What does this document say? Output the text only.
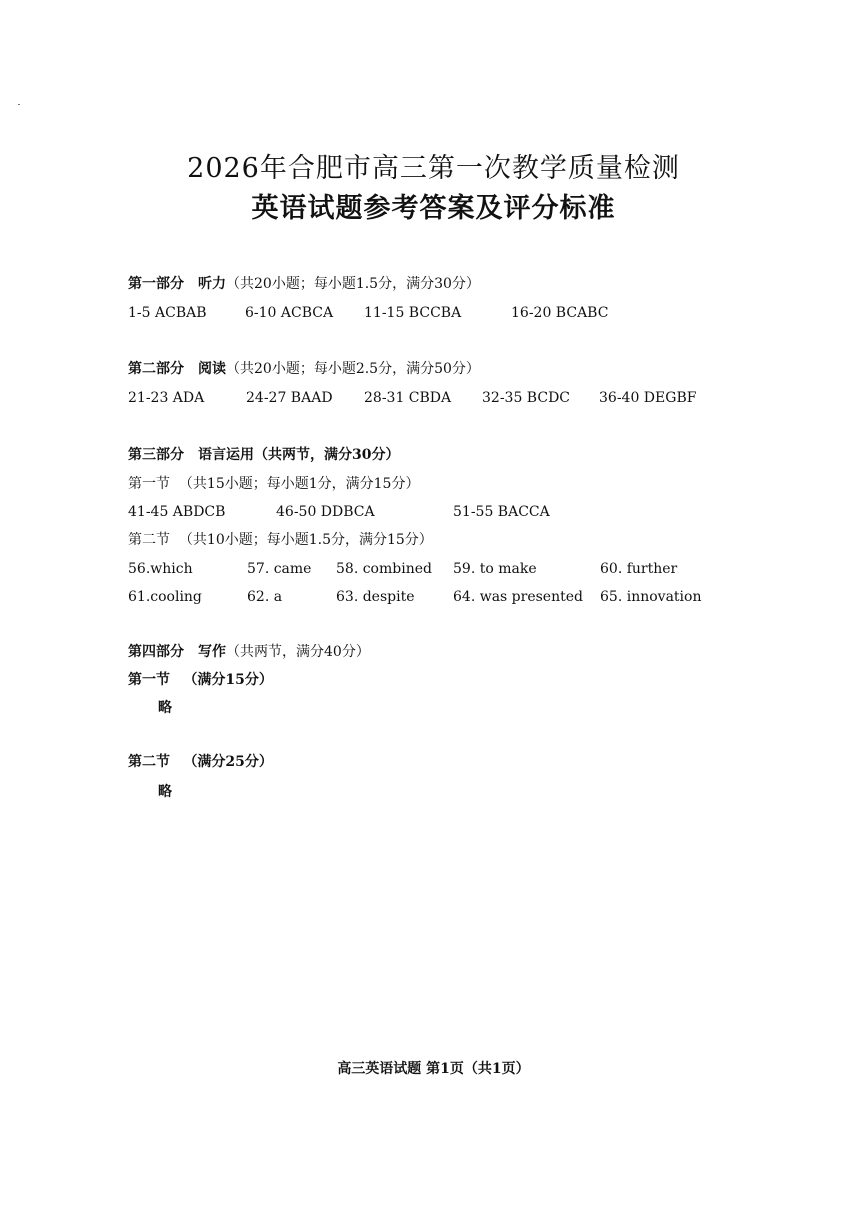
2026年合肥市高三第一次教学质量检测
英语试题参考答案及评分标准
第一部分　听力（共20小题；每小题1.5分，满分30分）
1-5 ACBAB	6-10 ACBCA 11-15 BCCBA	16-20 BCABC
第二部分　阅读（共20小题；每小题2.5分，满分50分）
21-23 ADA	24-27 BAAD 28-31 CBDA 32-35 BCDC 36-40 DEGBF
第三部分　语言运用（共两节，满分30分）
第一节 （共15小题；每小题1分，满分15分）
41-45 ABDCB	46-50 DDBCA	51-55 BACCA
第二节 （共10小题；每小题1.5分，满分15分）
56.which	57. came 58. combined 59. to make	60. further
61.cooling	62. a	63. despite	64. was presented 65. innovation
第四部分　写作（共两节，满分40分）
第一节 （满分15分）
略
第二节 （满分25分）
略
高三英语试题 第1页（共1页）
